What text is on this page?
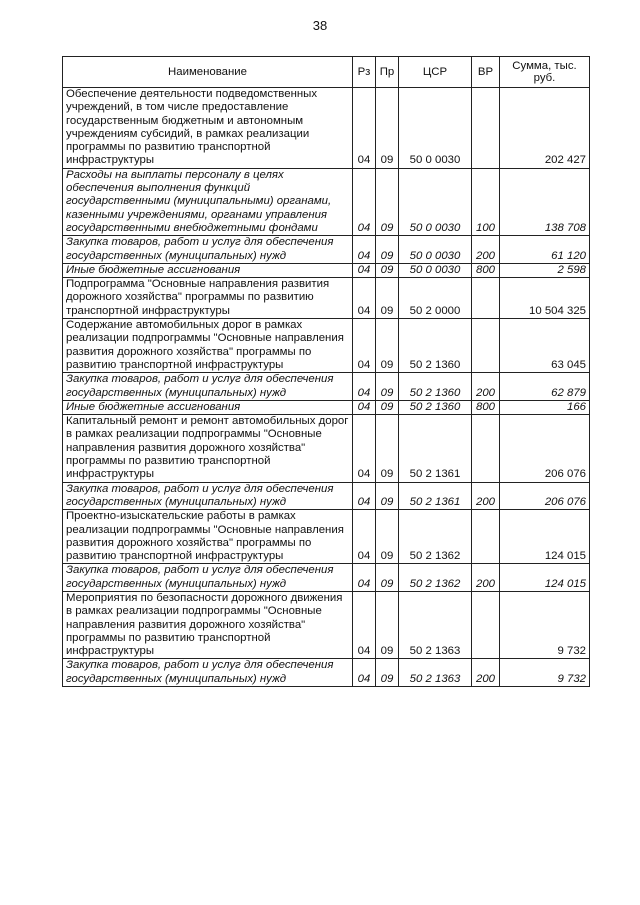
38
Наименование	Рз	Пр	ЦСР	ВР	Сумма, тыс. руб.
Обеспечение деятельности подведомственных учреждений, в том числе предоставление государственным бюджетным и автономным учреждениям субсидий, в рамках реализации программы по развитию транспортной инфраструктуры	04	09	50 0 0030		202 427
Расходы на выплаты персоналу в целях обеспечения выполнения функций государственными (муниципальными) органами, казенными учреждениями, органами управления государственными внебюджетными фондами	04	09	50 0 0030	100	138 708
Закупка товаров, работ и услуг для обеспечения государственных (муниципальных) нужд	04	09	50 0 0030	200	61 120
Иные бюджетные ассигнования	04	09	50 0 0030	800	2 598
Подпрограмма "Основные направления развития дорожного хозяйства" программы по развитию транспортной инфраструктуры	04	09	50 2 0000		10 504 325
Содержание автомобильных дорог в рамках реализации подпрограммы "Основные направления развития дорожного хозяйства" программы по развитию транспортной инфраструктуры	04	09	50 2 1360		63 045
Закупка товаров, работ и услуг для обеспечения государственных (муниципальных) нужд	04	09	50 2 1360	200	62 879
Иные бюджетные ассигнования	04	09	50 2 1360	800	166
Капитальный ремонт и ремонт автомобильных дорог в рамках реализации подпрограммы "Основные направления развития дорожного хозяйства" программы по развитию транспортной инфраструктуры	04	09	50 2 1361		206 076
Закупка товаров, работ и услуг для обеспечения государственных (муниципальных) нужд	04	09	50 2 1361	200	206 076
Проектно-изыскательские работы в рамках реализации подпрограммы "Основные направления развития дорожного хозяйства" программы по развитию транспортной инфраструктуры	04	09	50 2 1362		124 015
Закупка товаров, работ и услуг для обеспечения государственных (муниципальных) нужд	04	09	50 2 1362	200	124 015
Мероприятия по безопасности дорожного движения в рамках реализации подпрограммы "Основные направления развития дорожного хозяйства" программы по развитию транспортной инфраструктуры	04	09	50 2 1363		9 732
Закупка товаров, работ и услуг для обеспечения государственных (муниципальных) нужд	04	09	50 2 1363	200	9 732
